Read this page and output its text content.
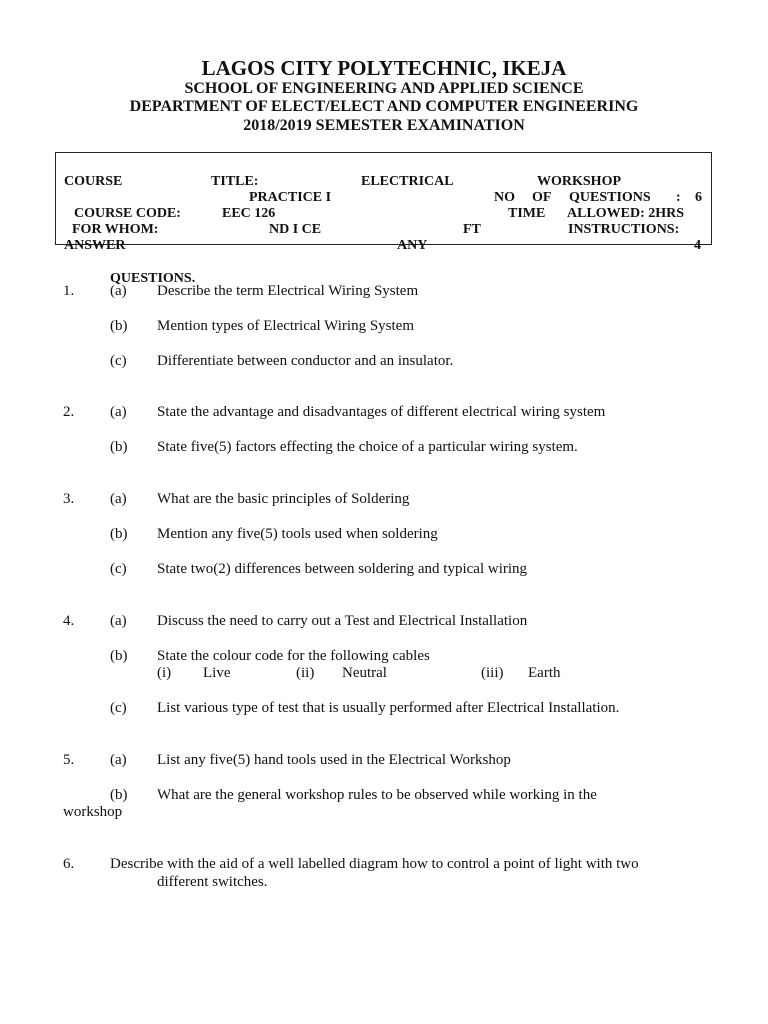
LAGOS CITY POLYTECHNIC, IKEJA
SCHOOL OF ENGINEERING AND APPLIED SCIENCE
DEPARTMENT OF ELECT/ELECT AND COMPUTER ENGINEERING
2018/2019 SEMESTER EXAMINATION
COURSE	TITLE:	ELECTRICAL	WORKSHOP
PRACTICE I	NO OF QUESTIONS : 6
COURSE CODE:	EEC 126	TIME ALLOWED: 2HRS
FOR WHOM:	ND I CE	FT	INSTRUCTIONS:
ANSWER	ANY	4
QUESTIONS.
1. (a) Describe the term Electrical Wiring System
(b) Mention types of Electrical Wiring System
(c) Differentiate between conductor and an insulator.
2. (a) State the advantage and disadvantages of different electrical wiring system
(b) State five(5) factors effecting the choice of a particular wiring system.
3. (a) What are the basic principles of Soldering
(b) Mention any five(5) tools used when soldering
(c) State two(2) differences between soldering and typical wiring
4. (a) Discuss the need to carry out a Test and Electrical Installation
(b) State the colour code for the following cables
(i) Live	(ii) Neutral	(iii) Earth
(c) List various type of test that is usually performed after Electrical Installation.
5. (a) List any five(5) hand tools used in the Electrical Workshop
(b) What are the general workshop rules to be observed while working in the
workshop
6. Describe with the aid of a well labelled diagram how to control a point of light with two
different switches.
